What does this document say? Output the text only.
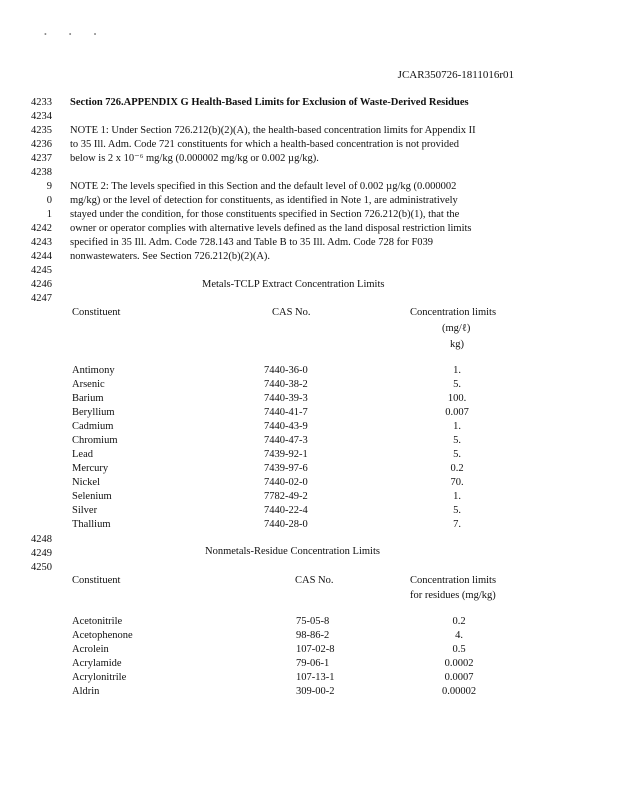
• • •
JCAR350726-1811016r01
4233
4234
4235
4236
4237
4238
9
0
1
4242
4243
4244
4245
4246
4247
4248
4249
4250
Section 726.APPENDIX G Health-Based Limits for Exclusion of Waste-Derived Residues
NOTE 1: Under Section 726.212(b)(2)(A), the health-based concentration limits for Appendix II
to 35 Ill. Adm. Code 721 constituents for which a health-based concentration is not provided
below is 2 x 10⁻⁶ mg/kg (0.000002 mg/kg or 0.002 µg/kg).
NOTE 2: The levels specified in this Section and the default level of 0.002 µg/kg (0.000002
mg/kg) or the level of detection for constituents, as identified in Note 1, are administratively
stayed under the condition, for those constituents specified in Section 726.212(b)(1), that the
owner or operator complies with alternative levels defined as the land disposal restriction limits
specified in 35 Ill. Adm. Code 728.143 and Table B to 35 Ill. Adm. Code 728 for F039
nonwastewaters. See Section 726.212(b)(2)(A).
Metals-TCLP Extract Concentration Limits
Constituent	CAS No.	Concentration limits
(mg/ℓ)
kg)
Antimony	7440-36-0	1.
Arsenic	7440-38-2	5.
Barium	7440-39-3	100.
Beryllium	7440-41-7	0.007
Cadmium	7440-43-9	1.
Chromium	7440-47-3	5.
Lead	7439-92-1	5.
Mercury	7439-97-6	0.2
Nickel	7440-02-0	70.
Selenium	7782-49-2	1.
Silver	7440-22-4	5.
Thallium	7440-28-0	7.
Nonmetals-Residue Concentration Limits
Constituent	CAS No.	Concentration limits
for residues (mg/kg)
Acetonitrile	75-05-8	0.2
Acetophenone	98-86-2	4.
Acrolein	107-02-8	0.5
Acrylamide	79-06-1	0.0002
Acrylonitrile	107-13-1	0.0007
Aldrin	309-00-2	0.00002
